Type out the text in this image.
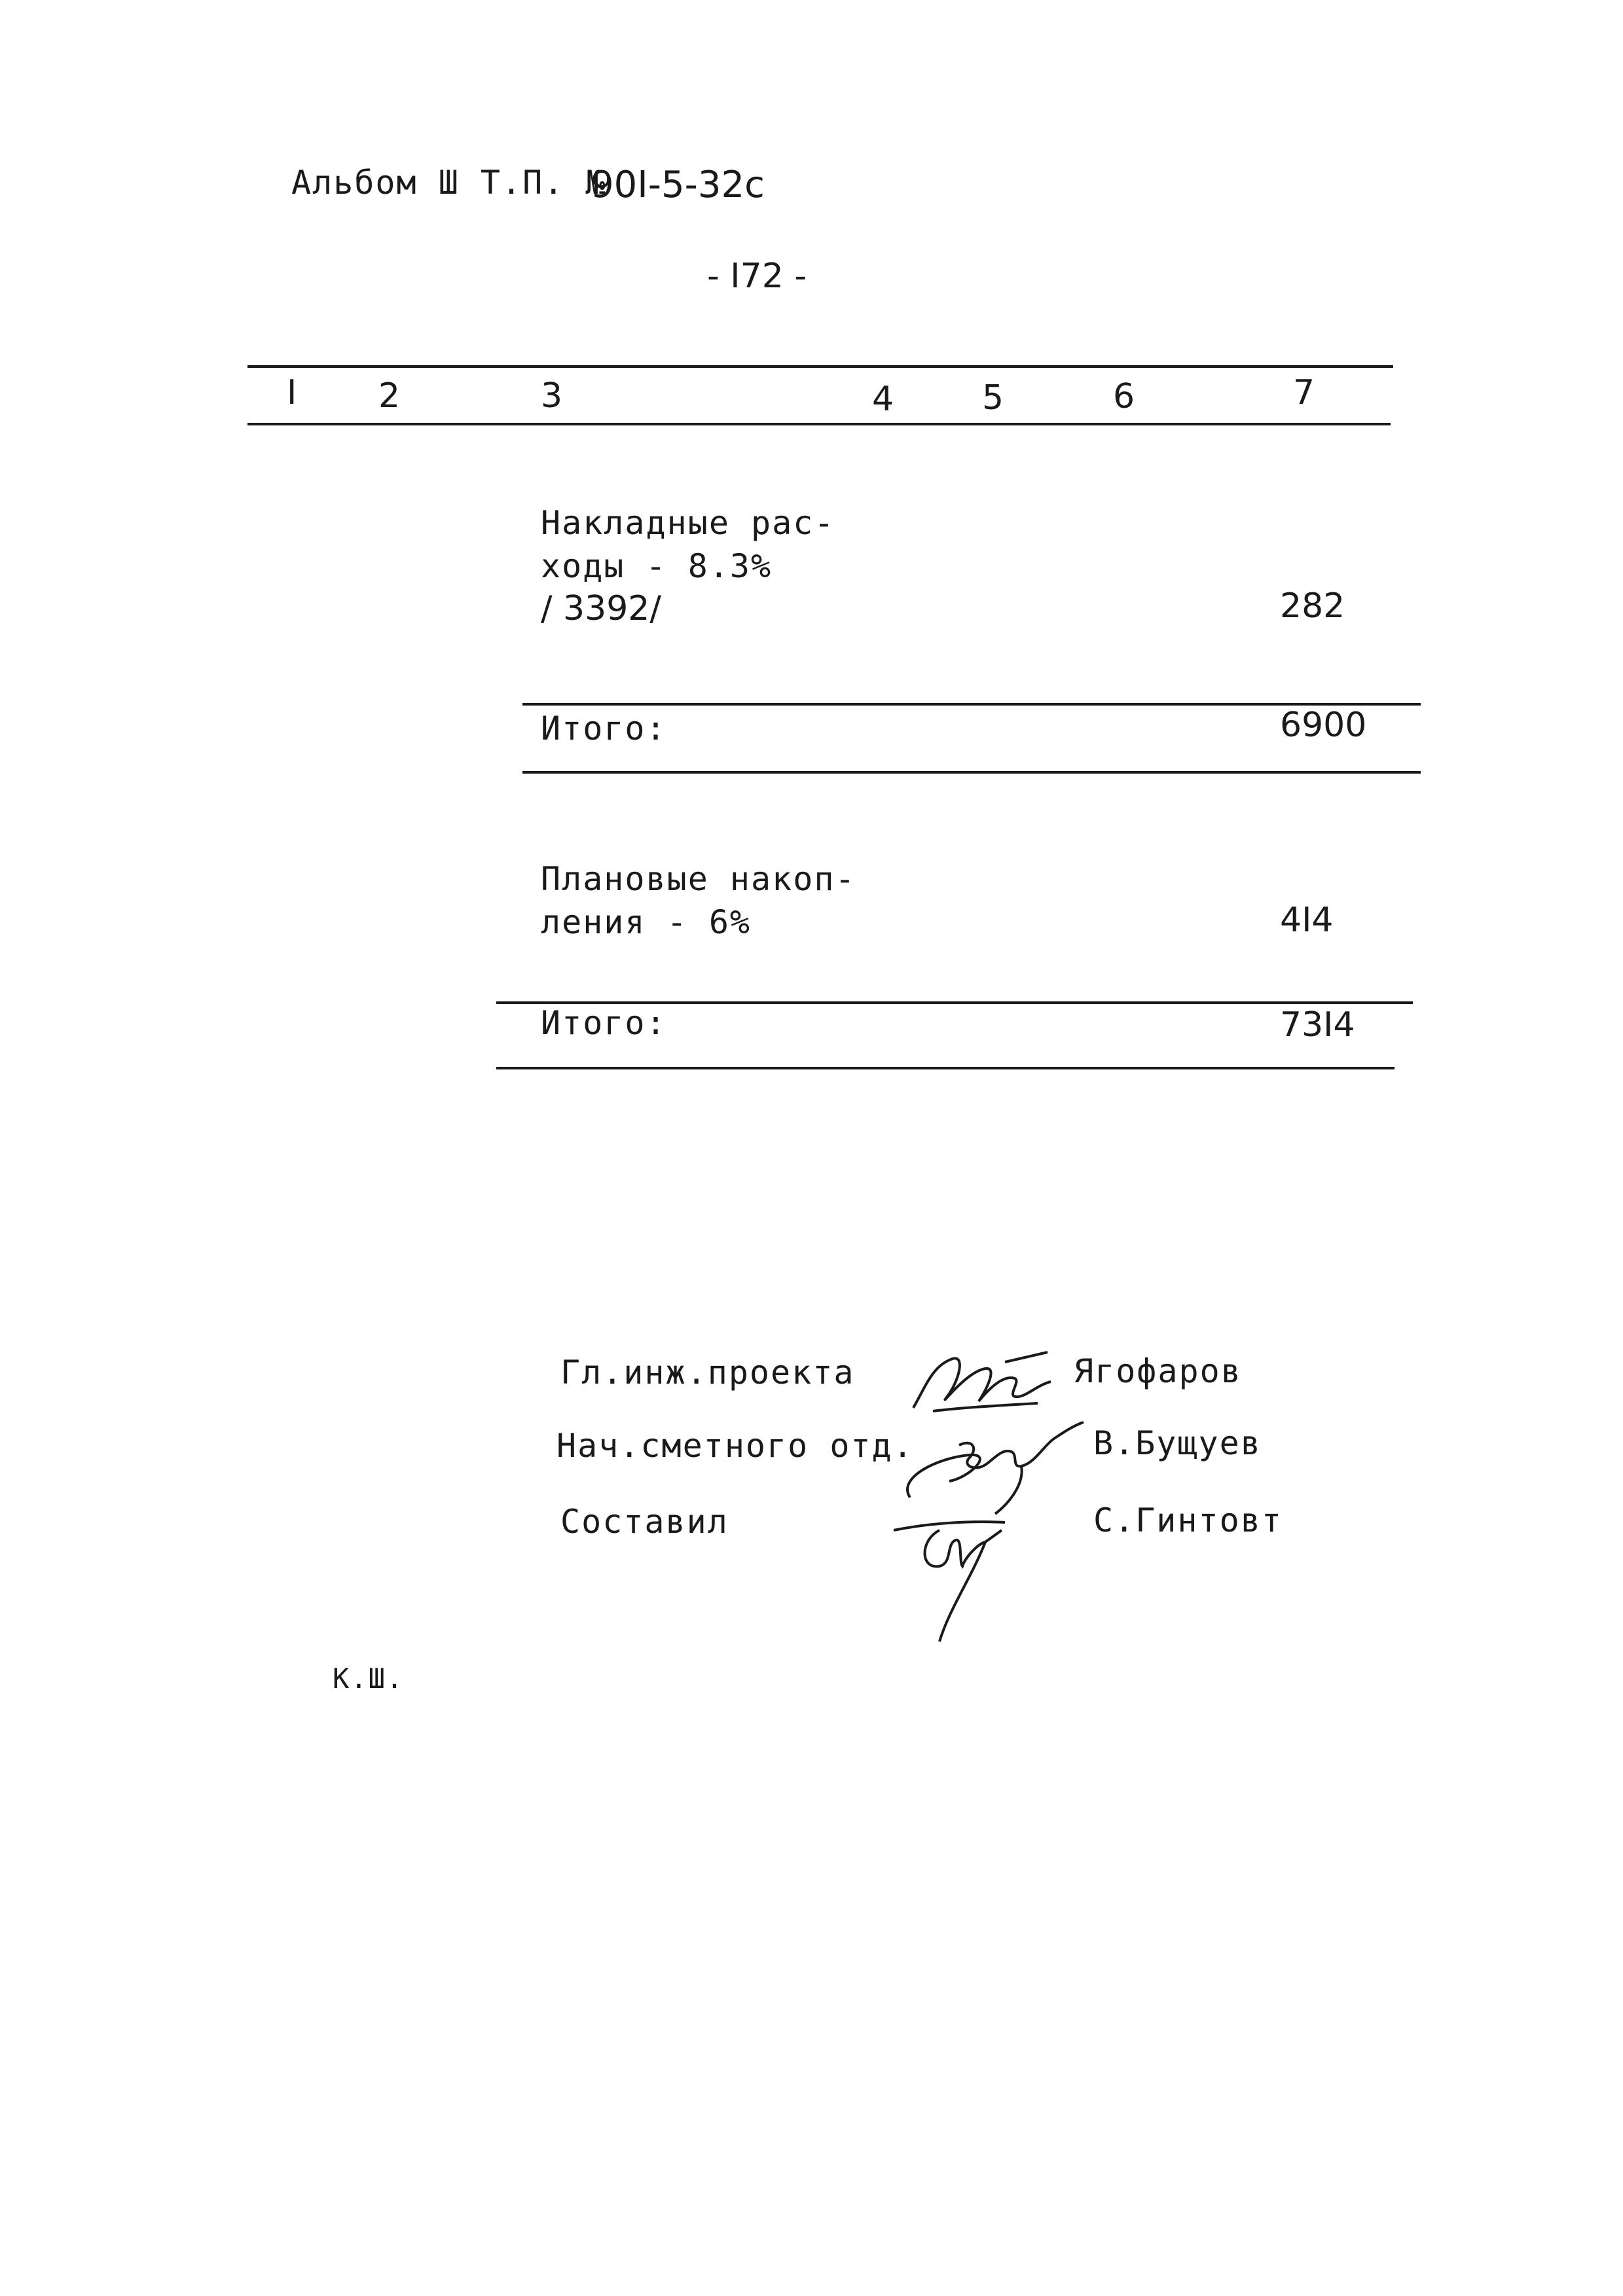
Альбом Ш Т.П. №
90I-5-32с
- I72 -
I 2	3	4	5	6	7
Накладные рас-
ходы - 8.3%
/ 3392/	282
Итого:	6900
Плановые накоп-
ления - 6%	4I4
Итого:	73I4
Гл.инж.проекта

	Ягофаров
Нач.сметного отд.

	В.Бущуев
Составил

	С.Гинтовт
К.Ш.
